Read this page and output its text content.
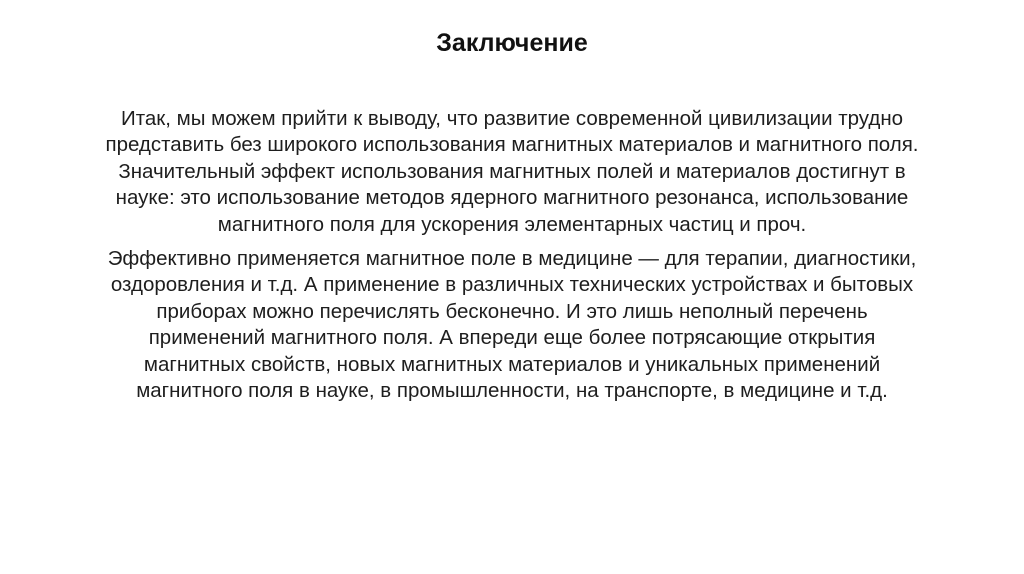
Заключение

Итак, мы можем прийти к выводу, что развитие современной цивилизации трудно представить без широкого использования магнитных материалов и магнитного поля. Значительный эффект использования магнитных полей и материалов достигнут в науке: это использование методов ядерного магнитного резонанса, использование магнитного поля для ускорения элементарных частиц и проч.

Эффективно применяется магнитное поле в медицине — для терапии, диагностики, оздоровления и т.д. А применение в различных технических устройствах и бытовых приборах можно перечислять бесконечно. И это лишь неполный перечень применений магнитного поля. А впереди еще более потрясающие открытия магнитных свойств, новых магнитных материалов и уникальных применений магнитного поля в науке, в промышленности, на транспорте, в медицине и т.д.
